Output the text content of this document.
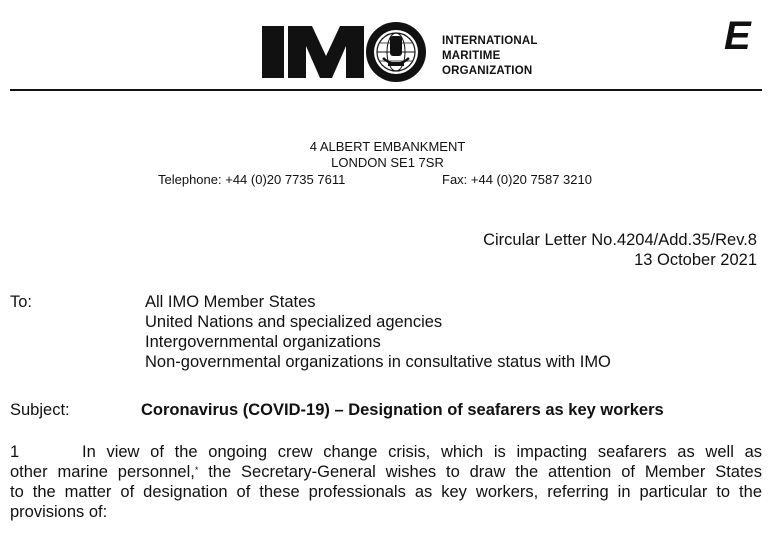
INTERNATIONAL
MARITIME
ORGANIZATION
E
4 ALBERT EMBANKMENT
LONDON SE1 7SR
Telephone: +44 (0)20 7735 7611	Fax: +44 (0)20 7587 3210
Circular Letter No.4204/Add.35/Rev.8
13 October 2021
To:	All IMO Member States
United Nations and specialized agencies
Intergovernmental organizations
Non-governmental organizations in consultative status with IMO
Subject:	Coronavirus (COVID-19) – Designation of seafarers as key workers
1	In view of the ongoing crew change crisis, which is impacting seafarers as well as
other marine personnel,* the Secretary-General wishes to draw the attention of Member States
to the matter of designation of these professionals as key workers, referring in particular to the
provisions of:
